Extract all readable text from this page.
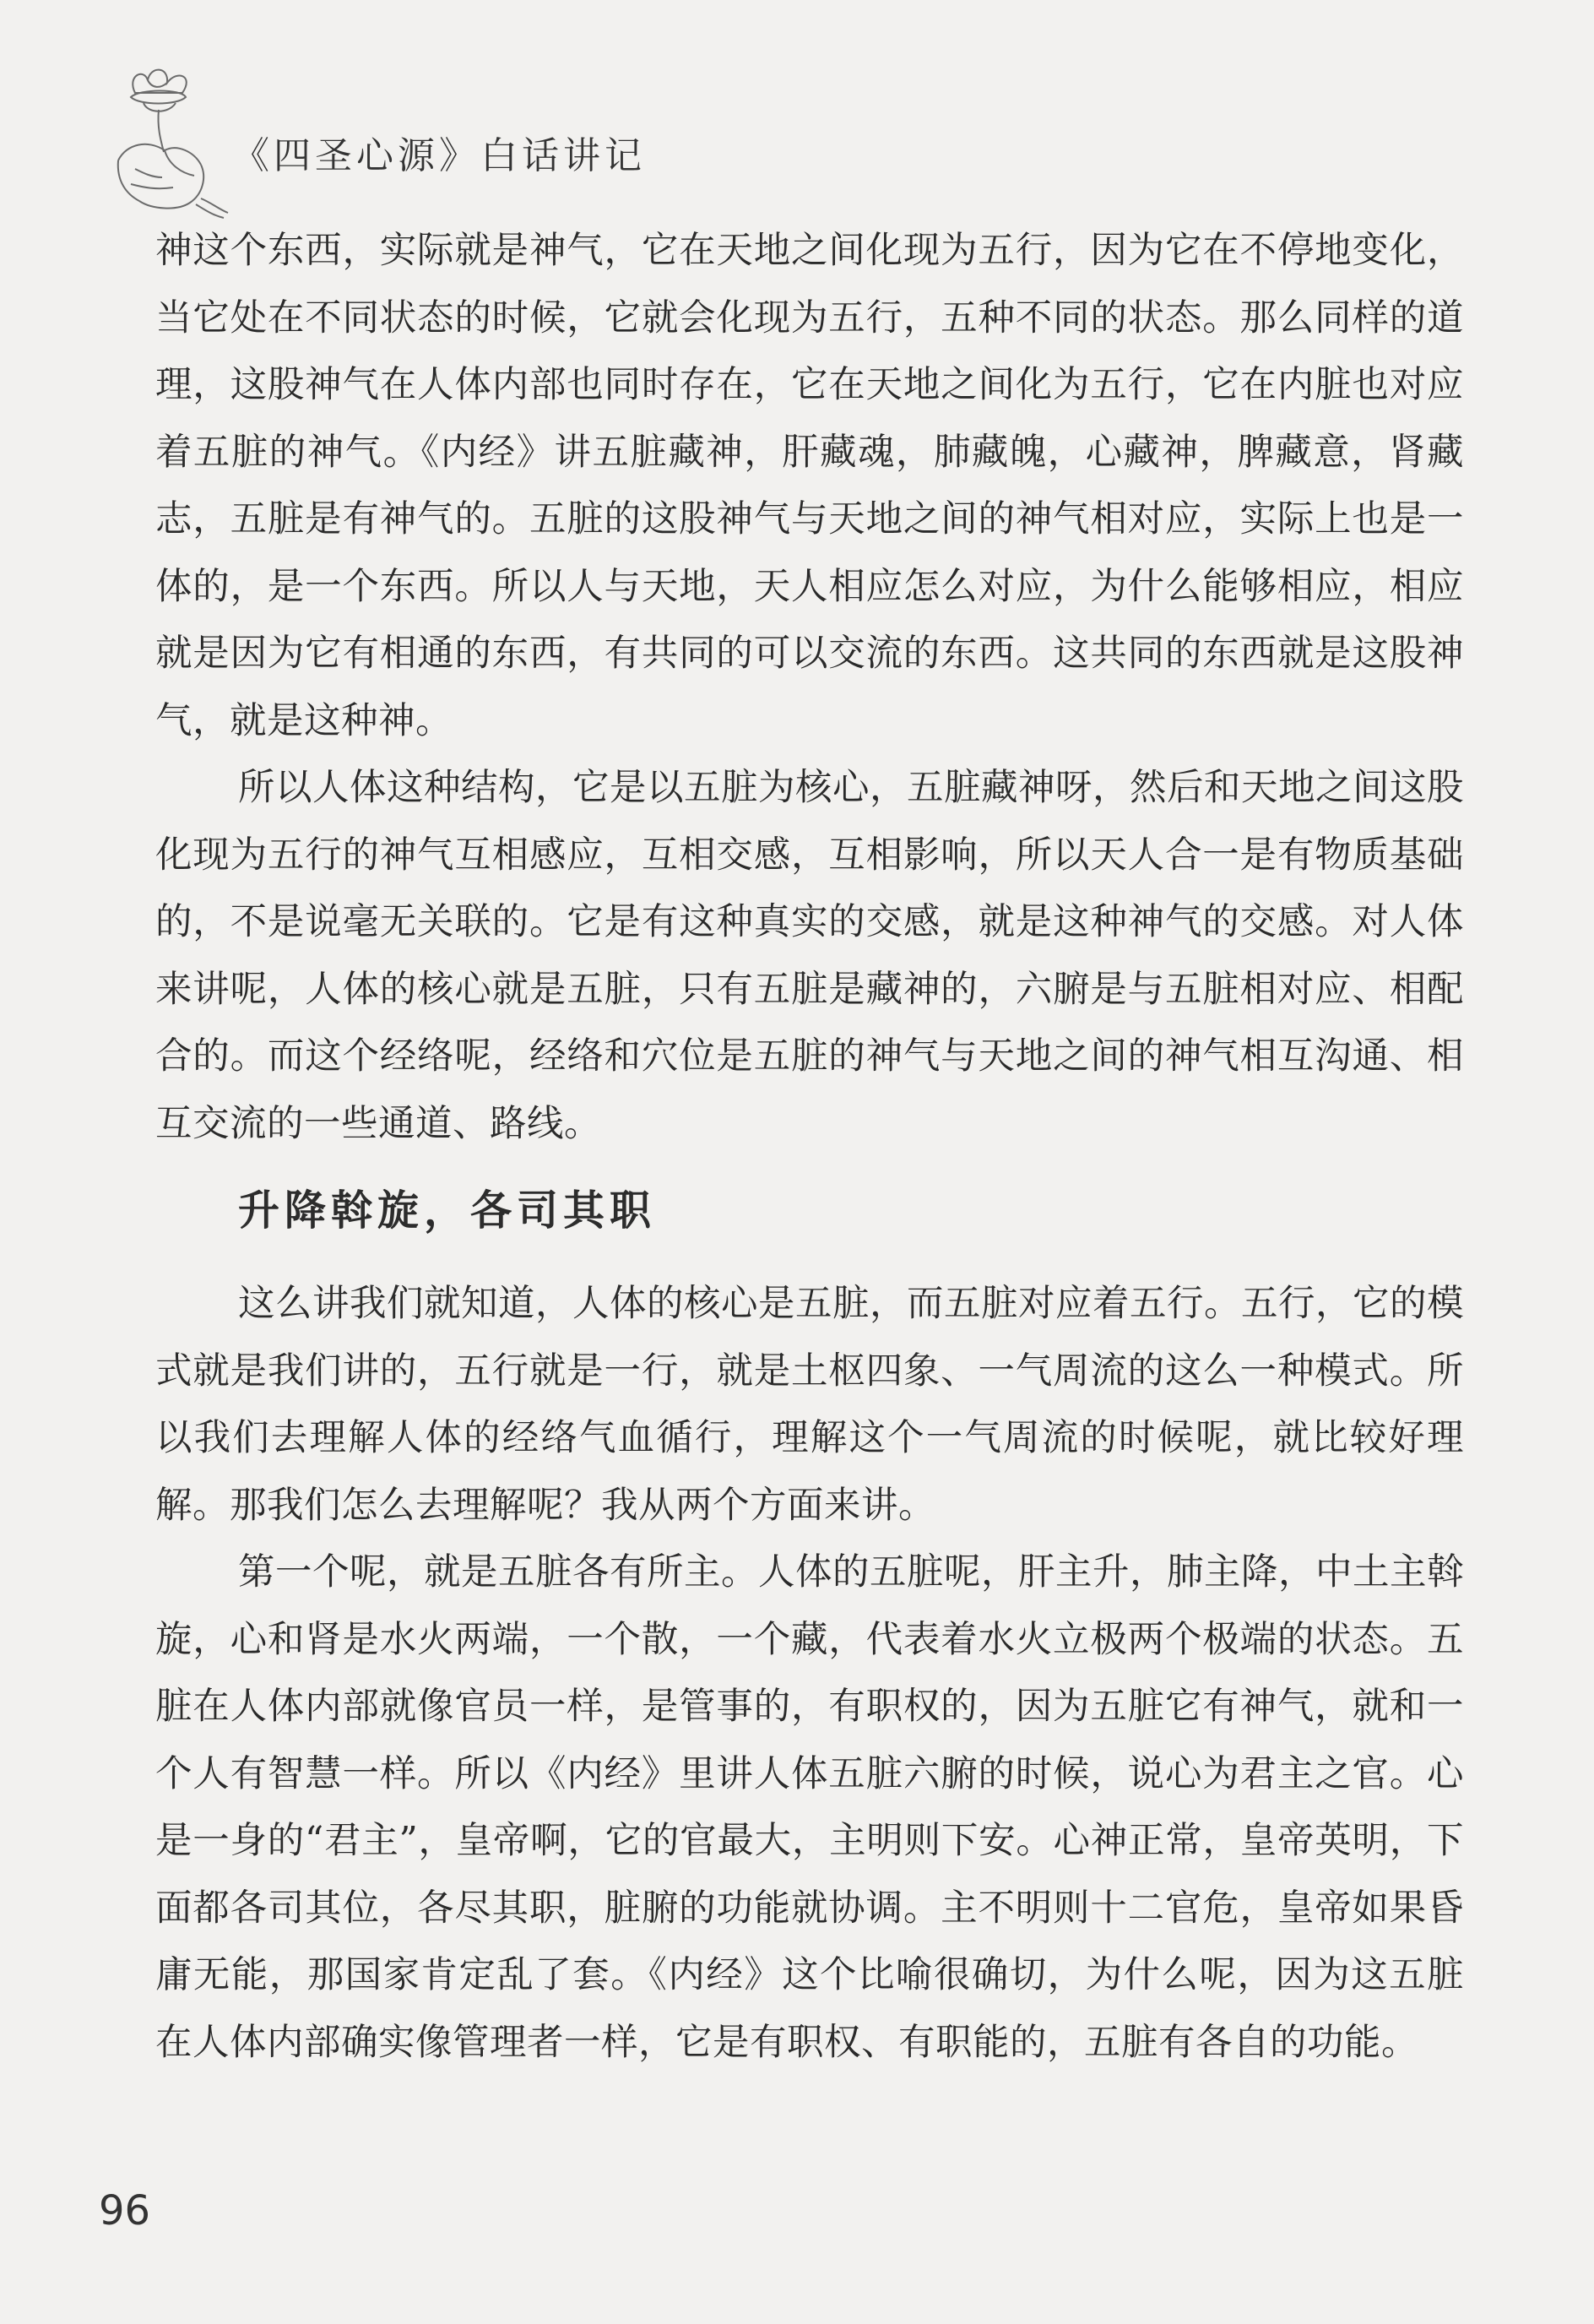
《四圣心源》白话讲记

神这个东西，实际就是神气，它在天地之间化现为五行，因为它在不停地变化，当它处在不同状态的时候，它就会化现为五行，五种不同的状态。那么同样的道理，这股神气在人体内部也同时存在，它在天地之间化为五行，它在内脏也对应着五脏的神气。《内经》讲五脏藏神，肝藏魂，肺藏魄，心藏神，脾藏意，肾藏志，五脏是有神气的。五脏的这股神气与天地之间的神气相对应，实际上也是一体的，是一个东西。所以人与天地，天人相应怎么对应，为什么能够相应，相应就是因为它有相通的东西，有共同的可以交流的东西。这共同的东西就是这股神气，就是这种神。

所以人体这种结构，它是以五脏为核心，五脏藏神呀，然后和天地之间这股化现为五行的神气互相感应，互相交感，互相影响，所以天人合一是有物质基础的，不是说毫无关联的。它是有这种真实的交感，就是这种神气的交感。对人体来讲呢，人体的核心就是五脏，只有五脏是藏神的，六腑是与五脏相对应、相配合的。而这个经络呢，经络和穴位是五脏的神气与天地之间的神气相互沟通、相互交流的一些通道、路线。

升降斡旋，各司其职

这么讲我们就知道，人体的核心是五脏，而五脏对应着五行。五行，它的模式就是我们讲的，五行就是一行，就是土枢四象、一气周流的这么一种模式。所以我们去理解人体的经络气血循行，理解这个一气周流的时候呢，就比较好理解。那我们怎么去理解呢？我从两个方面来讲。

第一个呢，就是五脏各有所主。人体的五脏呢，肝主升，肺主降，中土主斡旋，心和肾是水火两端，一个散，一个藏，代表着水火立极两个极端的状态。五脏在人体内部就像官员一样，是管事的，有职权的，因为五脏它有神气，就和一个人有智慧一样。所以《内经》里讲人体五脏六腑的时候，说心为君主之官。心是一身的“君主”，皇帝啊，它的官最大，主明则下安。心神正常，皇帝英明，下面都各司其位，各尽其职，脏腑的功能就协调。主不明则十二官危，皇帝如果昏庸无能，那国家肯定乱了套。《内经》这个比喻很确切，为什么呢，因为这五脏在人体内部确实像管理者一样，它是有职权、有职能的，五脏有各自的功能。

96
